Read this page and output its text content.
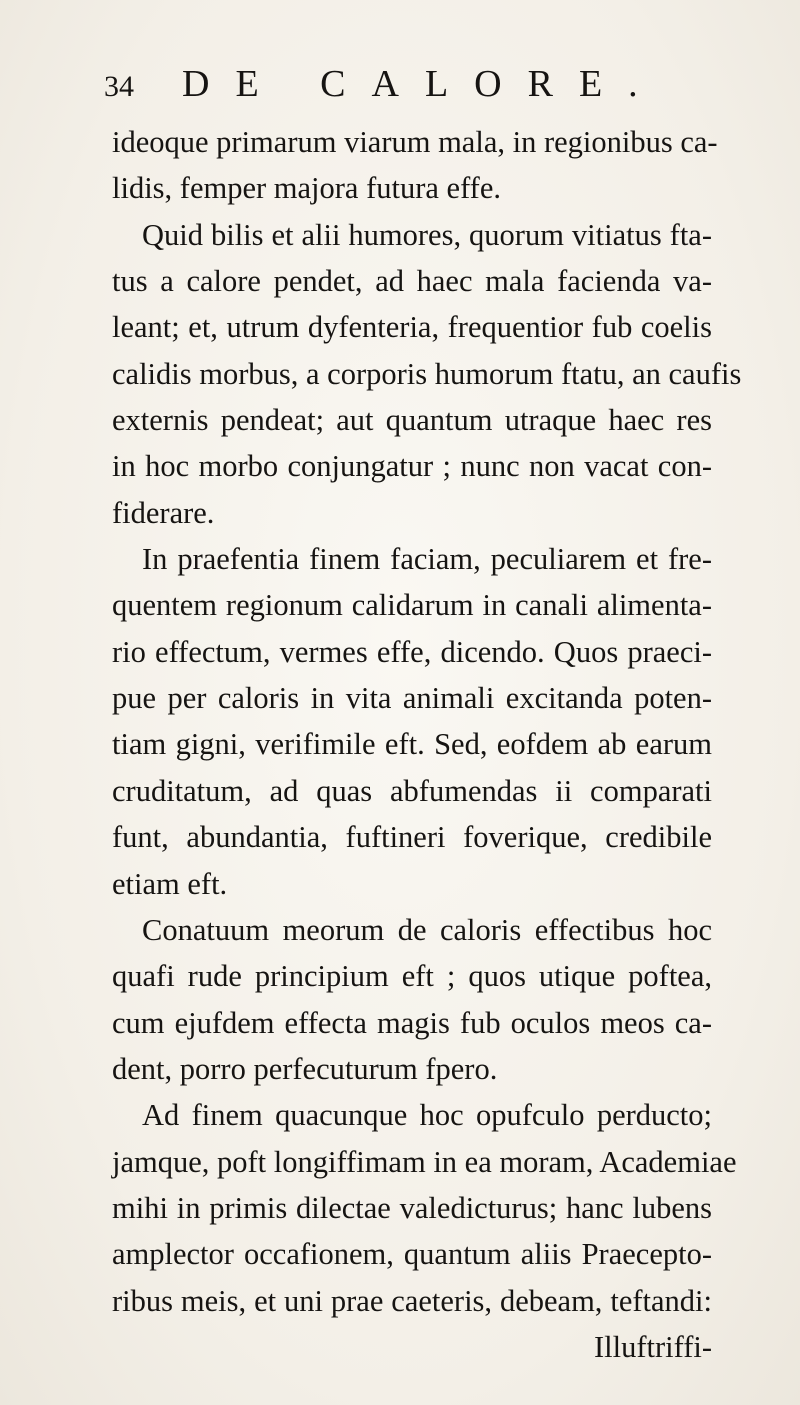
34 DE CALORE.
ideoque primarum viarum mala, in regionibus ca-
lidis, femper majora futura effe.
Quid bilis et alii humores, quorum vitiatus fta-
tus a calore pendet, ad haec mala facienda va-
leant; et, utrum dyfenteria, frequentior fub coelis
calidis morbus, a corporis humorum ftatu, an caufis
externis pendeat; aut quantum utraque haec res
in hoc morbo conjungatur ; nunc non vacat con-
fiderare.
In praefentia finem faciam, peculiarem et fre-
quentem regionum calidarum in canali alimenta-
rio effectum, vermes effe, dicendo. Quos praeci-
pue per caloris in vita animali excitanda poten-
tiam gigni, verifimile eft. Sed, eofdem ab earum
cruditatum, ad quas abfumendas ii comparati
funt, abundantia, fuftineri foverique, credibile
etiam eft.
Conatuum meorum de caloris effectibus hoc
quafi rude principium eft ; quos utique poftea,
cum ejufdem effecta magis fub oculos meos ca-
dent, porro perfecuturum fpero.
Ad finem quacunque hoc opufculo perducto;
jamque, poft longiffimam in ea moram, Academiae
mihi in primis dilectae valedicturus; hanc lubens
amplector occafionem, quantum aliis Praecepto-
ribus meis, et uni prae caeteris, debeam, teftandi:
Illuftriffi-
